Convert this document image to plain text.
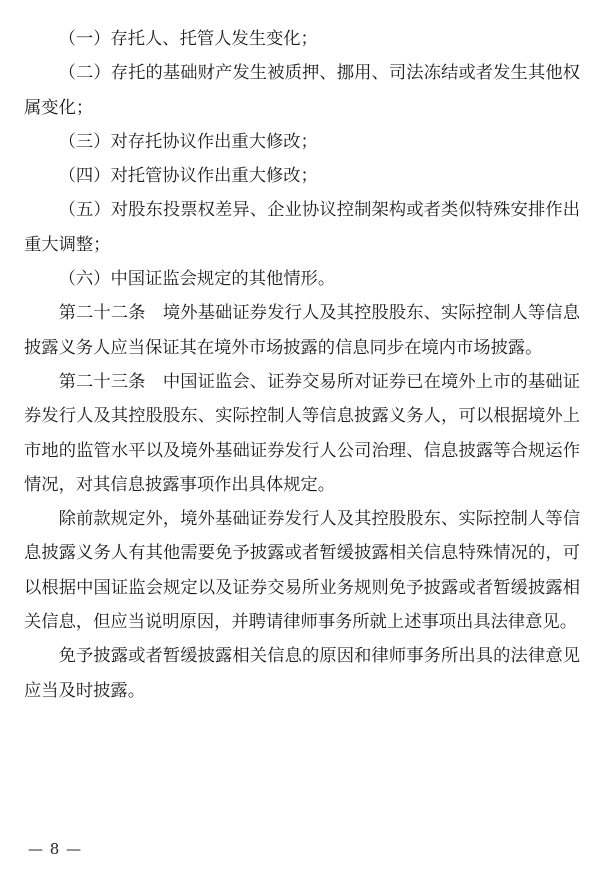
（一）存托人、托管人发生变化；

（二）存托的基础财产发生被质押、挪用、司法冻结或者发生其他权属变化；

（三）对存托协议作出重大修改；

（四）对托管协议作出重大修改；

（五）对股东投票权差异、企业协议控制架构或者类似特殊安排作出重大调整；

（六）中国证监会规定的其他情形。

第二十二条　境外基础证券发行人及其控股股东、实际控制人等信息披露义务人应当保证其在境外市场披露的信息同步在境内市场披露。

第二十三条　中国证监会、证券交易所对证券已在境外上市的基础证券发行人及其控股股东、实际控制人等信息披露义务人，可以根据境外上市地的监管水平以及境外基础证券发行人公司治理、信息披露等合规运作情况，对其信息披露事项作出具体规定。

除前款规定外，境外基础证券发行人及其控股股东、实际控制人等信息披露义务人有其他需要免予披露或者暂缓披露相关信息特殊情况的，可以根据中国证监会规定以及证券交易所业务规则免予披露或者暂缓披露相关信息，但应当说明原因，并聘请律师事务所就上述事项出具法律意见。

免予披露或者暂缓披露相关信息的原因和律师事务所出具的法律意见应当及时披露。

— 8 —
